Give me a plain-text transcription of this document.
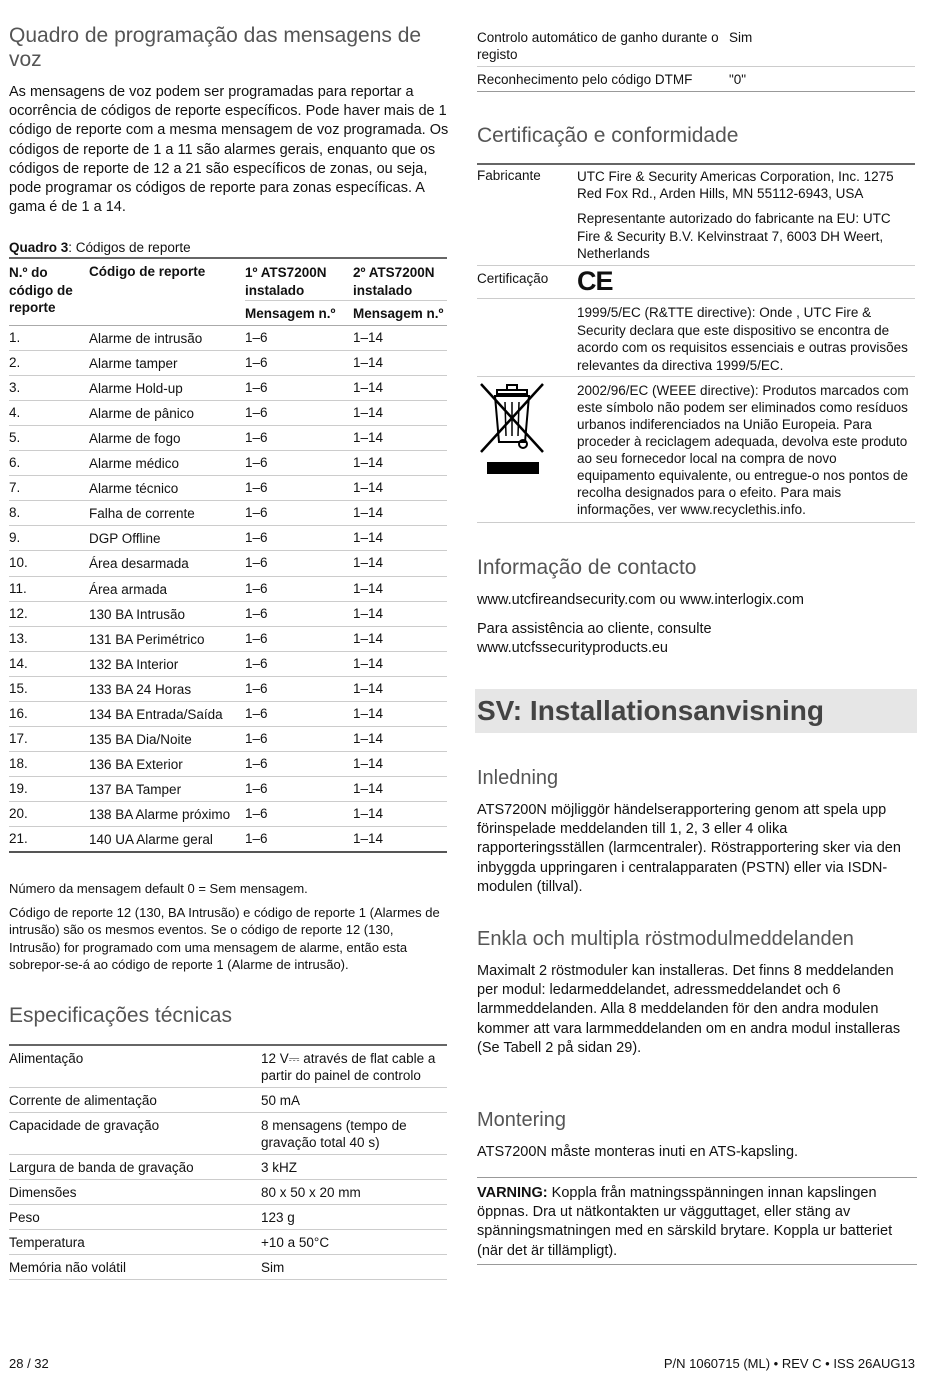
Quadro de programação das mensagens de voz

As mensagens de voz podem ser programadas para reportar a ocorrência de códigos de reporte específicos. Pode haver mais de 1 código de reporte com a mesma mensagem de voz programada. Os códigos de reporte de 1 a 11 são alarmes gerais, enquanto que os códigos de reporte de 12 a 21 são específicos de zonas, ou seja, pode programar os códigos de reporte para zonas específicas. A gama é de 1 a 14.

Quadro 3: Códigos de reporte
N.º do código de reporte	Código de reporte	1º ATS7200N instalado	2º ATS7200N instalado
		Mensagem n.º	Mensagem n.º
1.	Alarme de intrusão	1–6	1–14
2.	Alarme tamper	1–6	1–14
3.	Alarme Hold-up	1–6	1–14
4.	Alarme de pânico	1–6	1–14
5.	Alarme de fogo	1–6	1–14
6.	Alarme médico	1–6	1–14
7.	Alarme técnico	1–6	1–14
8.	Falha de corrente	1–6	1–14
9.	DGP Offline	1–6	1–14
10.	Área desarmada	1–6	1–14
11.	Área armada	1–6	1–14
12.	130 BA Intrusão	1–6	1–14
13.	131 BA Perimétrico	1–6	1–14
14.	132 BA Interior	1–6	1–14
15.	133 BA 24 Horas	1–6	1–14
16.	134 BA Entrada/Saída	1–6	1–14
17.	135 BA Dia/Noite	1–6	1–14
18.	136 BA Exterior	1–6	1–14
19.	137 BA Tamper	1–6	1–14
20.	138 BA Alarme próximo	1–6	1–14
21.	140 UA Alarme geral	1–6	1–14

Número da mensagem default 0 = Sem mensagem.

Código de reporte 12 (130, BA Intrusão) e código de reporte 1 (Alarmes de intrusão) são os mesmos eventos. Se o código de reporte 12 (130, Intrusão) for programado com uma mensagem de alarme, então esta sobrepor-se-á ao código de reporte 1 (Alarme de intrusão).

Especificações técnicas
Alimentação	12 V⎓ através de flat cable a partir do painel de controlo
Corrente de alimentação	50 mA
Capacidade de gravação	8 mensagens (tempo de gravação total 40 s)
Largura de banda de gravação	3 kHZ
Dimensões	80 x 50 x 20 mm
Peso	123 g
Temperatura	+10 a 50°C
Memória não volátil	Sim
Controlo automático de ganho durante o registo	Sim
Reconhecimento pelo código DTMF	"0"
Certificação e conformidade
Fabricante	UTC Fire & Security Americas Corporation, Inc. 1275 Red Fox Rd., Arden Hills, MN 55112-6943, USA
Representante autorizado do fabricante na EU: UTC Fire & Security B.V. Kelvinstraat 7, 6003 DH Weert, Netherlands
Certificação CE
1999/5/EC (R&TTE directive): Onde , UTC Fire & Security declara que este dispositivo se encontra de acordo com os requisitos essenciais e outras provisões relevantes da directiva 1999/5/EC.
2002/96/EC (WEEE directive): Produtos marcados com este símbolo não podem ser eliminados como resíduos urbanos indiferenciados na União Europeia. Para proceder à reciclagem adequada, devolva este produto ao seu fornecedor local na compra de novo equipamento equivalente, ou entregue-o nos pontos de recolha designados para o efeito. Para mais informações, ver www.recyclethis.info.
Informação de contacto

www.utcfireandsecurity.com ou www.interlogix.com

Para assistência ao cliente, consulte www.utcfssecurityproducts.eu

SV: Installationsanvisning
Inledning

ATS7200N möjliggör händelserapportering genom att spela upp förinspelade meddelanden till 1, 2, 3 eller 4 olika rapporteringsställen (larmcentraler). Röstrapportering sker via den inbyggda uppringaren i centralapparaten (PSTN) eller via ISDN-modulen (tillval).

Enkla och multipla röstmodulmeddelanden

Maximalt 2 röstmoduler kan installeras. Det finns 8 meddelanden per modul: ledarmeddelandet, adressmeddelandet och 6 larmmeddelanden. Alla 8 meddelanden för den andra modulen kommer att vara larmmeddelanden om en andra modul installeras (Se Tabell 2 på sidan 29).

Montering

ATS7200N måste monteras inuti en ATS-kapsling.

VARNING: Koppla från matningsspänningen innan kapslingen öppnas. Dra ut nätkontakten ur vägguttaget, eller stäng av spänningsmatningen med en särskild brytare. Koppla ur batteriet (när det är tillämpligt).

28 / 32	P/N 1060715 (ML) • REV C • ISS 26AUG13
